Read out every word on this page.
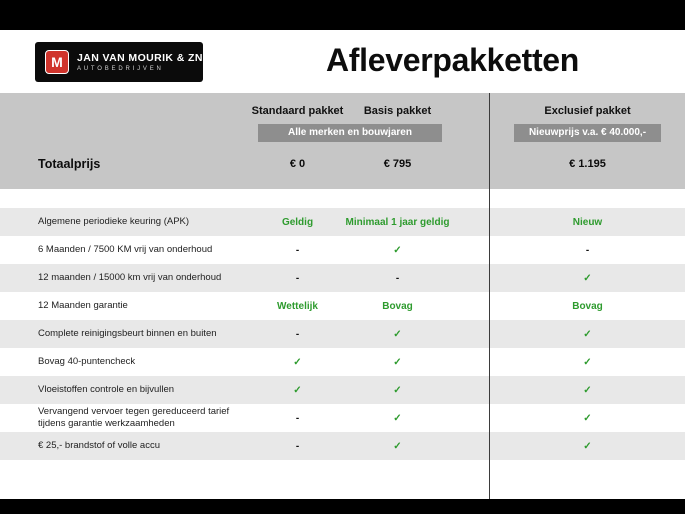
M	JAN VAN MOURIK & ZN
AUTOBEDRIJVEN	Afleverpakketten
Standaard pakket	Basis pakket	Exclusief pakket
Alle merken en bouwjaren	Nieuwprijs v.a. € 40.000,-
Totaalprijs	€ 0	€ 795	€ 1.195
Algemene periodieke keuring (APK)	Geldig	Minimaal 1 jaar geldig	Nieuw
6 Maanden / 7500 KM vrij van onderhoud	-	✓	-
12 maanden / 15000 km vrij van onderhoud	-	-	✓
12 Maanden garantie	Wettelijk	Bovag	Bovag
Complete reinigingsbeurt binnen en buiten	-	✓	✓
Bovag 40-puntencheck	✓	✓	✓
Vloeistoffen controle en bijvullen	✓	✓	✓
Vervangend vervoer tegen gereduceerd tarief tijdens garantie werkzaamheden	-	✓	✓
€ 25,- brandstof of volle accu	-	✓	✓
